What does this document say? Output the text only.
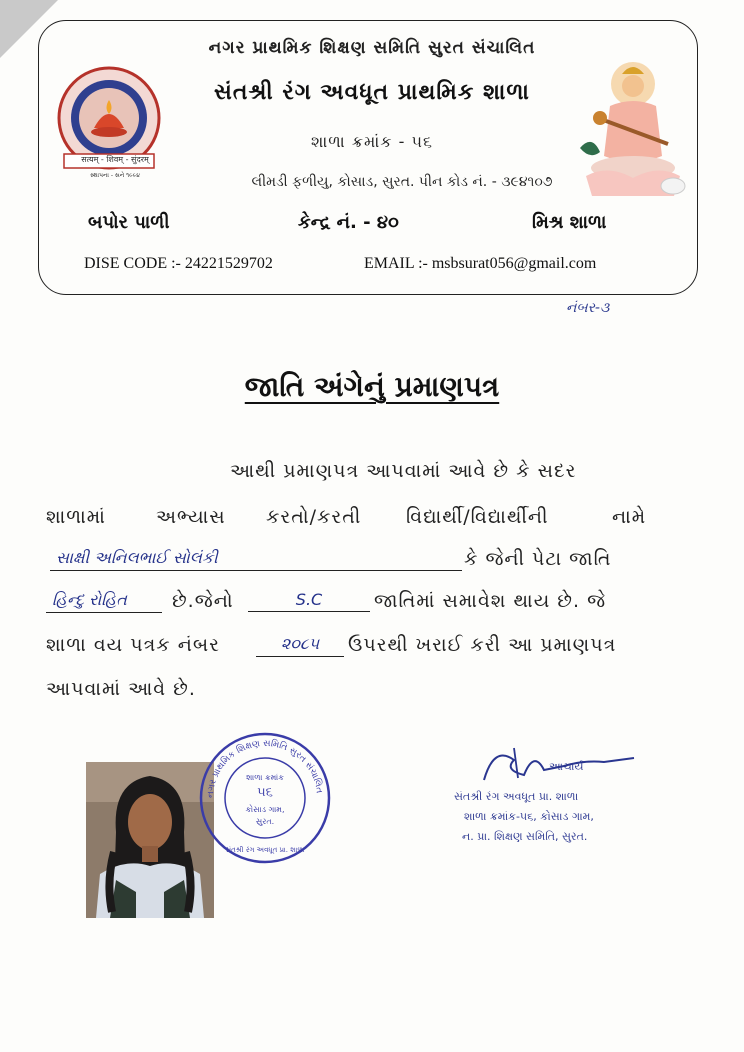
નગર પ્રાથમિક શિક્ષણ સમિતિ સુરત સંચાલિત
સંતશ્રી રંગ અવધૂત પ્રાથમિક શાળા
શાળા ક્રમાંક - ૫૬
લીમડી ફળીયુ, કોસાડ, સુરત. પીન કોડ નં. - ૩૯૪૧૦૭
બપોર પાળી	કેન્દ્ર નં. - ૪૦	મિશ્ર શાળા
DISE CODE :- 24221529702	EMAIL :- msbsurat056@gmail.com
सत्यम् - शिवम् - सुंदरम्
સ્થાપના - સને ૧૯૯૪
નંબર-૩
જાતિ અંગેનું પ્રમાણપત્ર
આથી પ્રમાણપત્ર આપવામાં આવે છે કે સદર
શાળામાં	અભ્યાસ કરતો/કરતી વિદ્યાર્થી/વિદ્યાર્થીની	નામે
સાક્ષી અનિલભાઈ સોલંકી	કે જેની પેટા જાતિ
હિન્દુ રોહિત	છે.જેનો	S.C	જાતિમાં સમાવેશ થાય છે. જે
શાળા વય પત્રક નંબર	૨૦૮૫	ઉપરથી ખરાઈ કરી આ પ્રમાણપત્ર
આપવામાં આવે છે.
નગર પ્રાથમિક શિક્ષણ સમિતિ સુરત સંચાલિત
શાળા ક્રમાંક
૫૬
કોસાડ ગામ,
સુરત.
સંતશ્રી રંગ અવધૂત પ્રા. શાળા
આચાર્ય
સંતશ્રી રંગ અવધૂત પ્રા. શાળા
શાળા ક્રમાંક-૫૬, કોસાડ ગામ,
ન. પ્રા. શિક્ષણ સમિતિ, સુરત.
